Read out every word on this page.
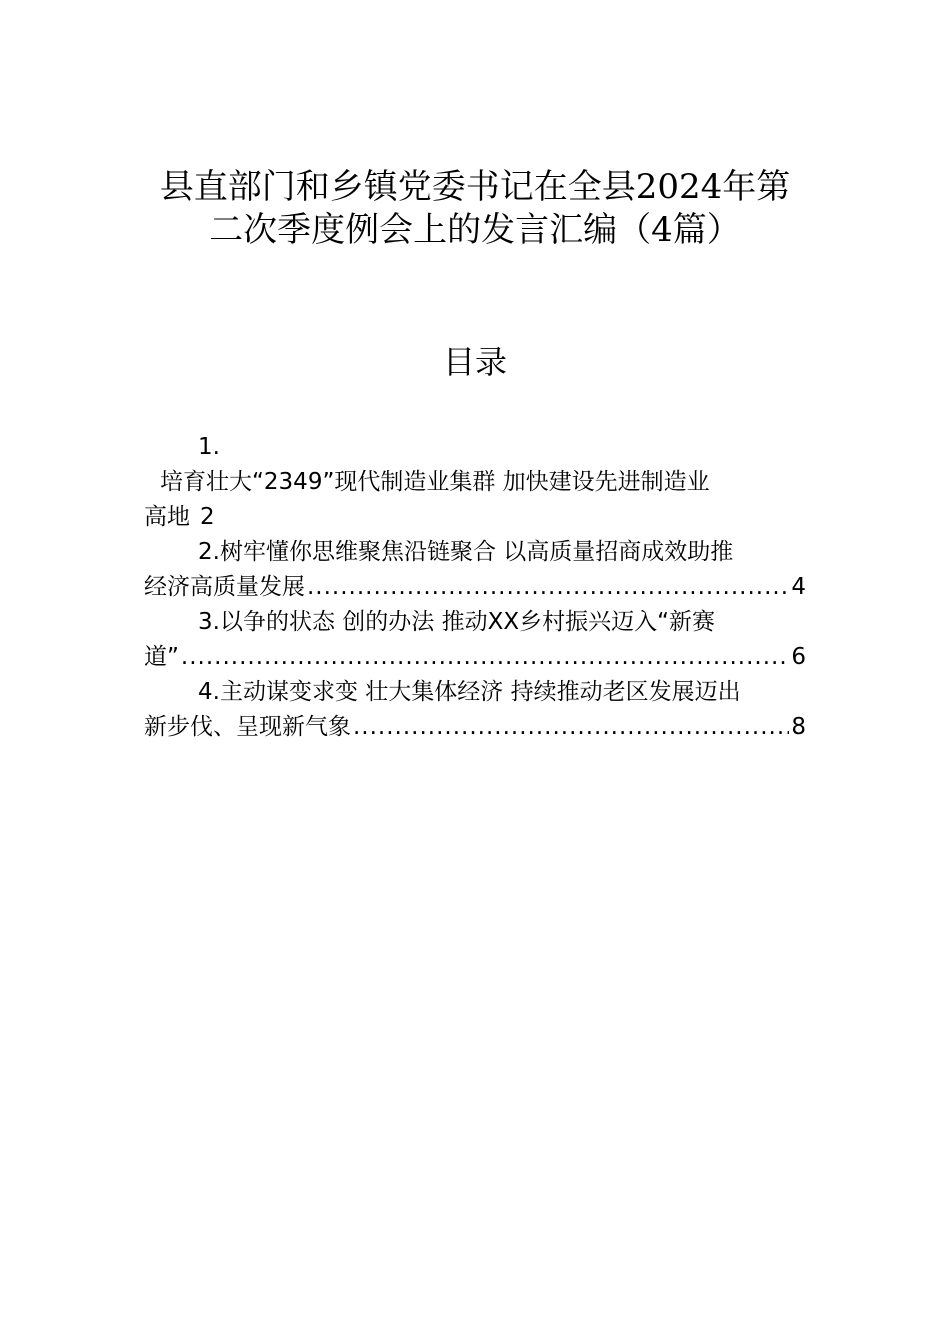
县直部门和乡镇党委书记在全县2024年第
二次季度例会上的发言汇编（4篇）
目录
1.
培育壮大“2349”现代制造业集群 加快建设先进制造业
高地 2
2.树牢懂你思维聚焦沿链聚合 以高质量招商成效助推
经济高质量发展 .....	4
3.以争的状态 创的办法 推动XX乡村振兴迈入“新赛
道” .....	6
4.主动谋变求变 壮大集体经济 持续推动老区发展迈出
新步伐、呈现新气象 .....	8
